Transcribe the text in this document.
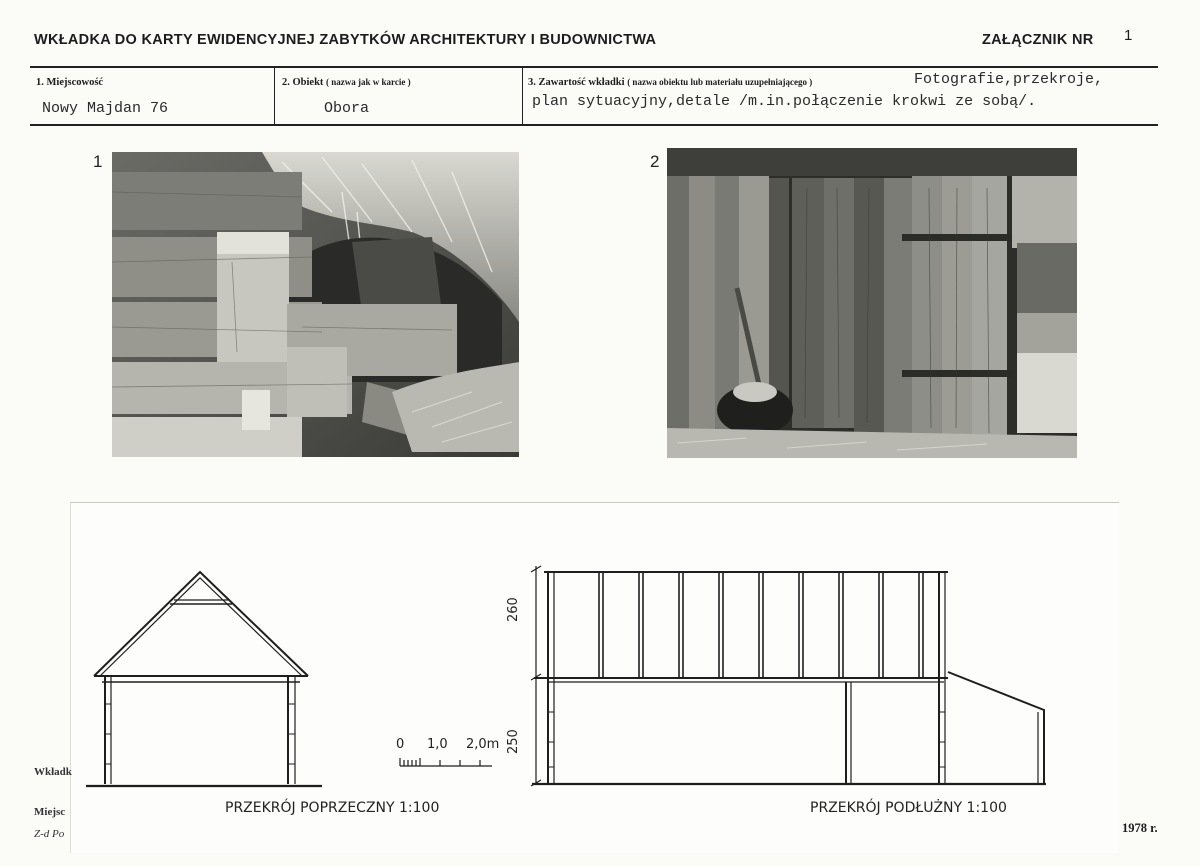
WKŁADKA DO KARTY EWIDENCYJNEJ ZABYTKÓW ARCHITEKTURY I BUDOWNICTWA	ZAŁĄCZNIK NR 1
1. Miejscowość
Nowy Majdan 76
2. Obiekt ( nazwa jak w karcie )
Obora
3. Zawartość wkładki ( nazwa obiektu lub materiału uzupełniającego )	Fotografie,przekroje,
plan sytuacyjny,detale /m.in.połączenie krokwi ze sobą/.
1	2
Wkładk
Miejsc
Z-d Po	1978 r.
PRZEKRÓJ POPRZECZNY 1:100
0 1,0 2,0m
260
250
PRZEKRÓJ PODŁUŻNY 1:100
